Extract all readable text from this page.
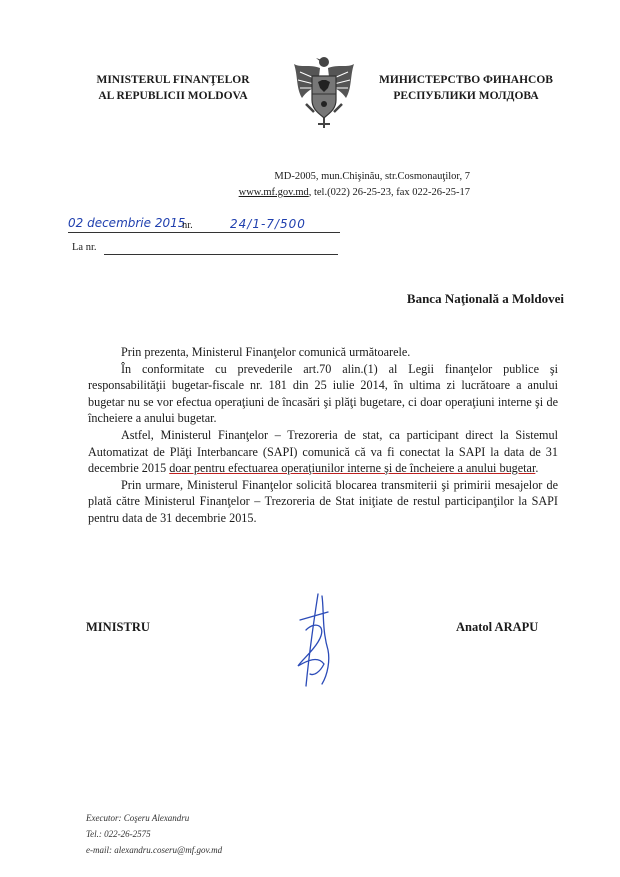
MINISTERUL FINANŢELOR
AL REPUBLICII MOLDOVA
МИНИСТЕРСТВО ФИНАНСОВ
РЕСПУБЛИКИ МОЛДОВА
MD-2005, mun.Chişinău, str.Cosmonauţilor, 7
www.mf.gov.md, tel.(022) 26-25-23, fax 022-26-25-17
02 decembrie 2015
nr.	24/1-7/500
La nr.
Banca Naţională a Moldovei

Prin prezenta, Ministerul Finanţelor comunică următoarele.

În conformitate cu prevederile art.70 alin.(1) al Legii finanţelor publice şi responsabilităţii bugetar-fiscale nr. 181 din 25 iulie 2014, în ultima zi lucrătoare a anului bugetar nu se vor efectua operaţiuni de încasări şi plăţi bugetare, ci doar operaţiuni interne şi de încheiere a anului bugetar.

Astfel, Ministerul Finanţelor – Trezoreria de stat, ca participant direct la Sistemul Automatizat de Plăţi Interbancare (SAPI) comunică că va fi conectat la SAPI la data de 31 decembrie 2015 doar pentru efectuarea operaţiunilor interne şi de încheiere a anului bugetar.

Prin urmare, Ministerul Finanţelor solicită blocarea transmiterii şi primirii mesajelor de plată către Ministerul Finanţelor – Trezoreria de Stat iniţiate de restul participanţilor la SAPI pentru data de 31 decembrie 2015.

MINISTRU	Anatol ARAPU
Executor: Coşeru Alexandru
Tel.: 022-26-2575
e-mail: alexandru.coseru@mf.gov.md
